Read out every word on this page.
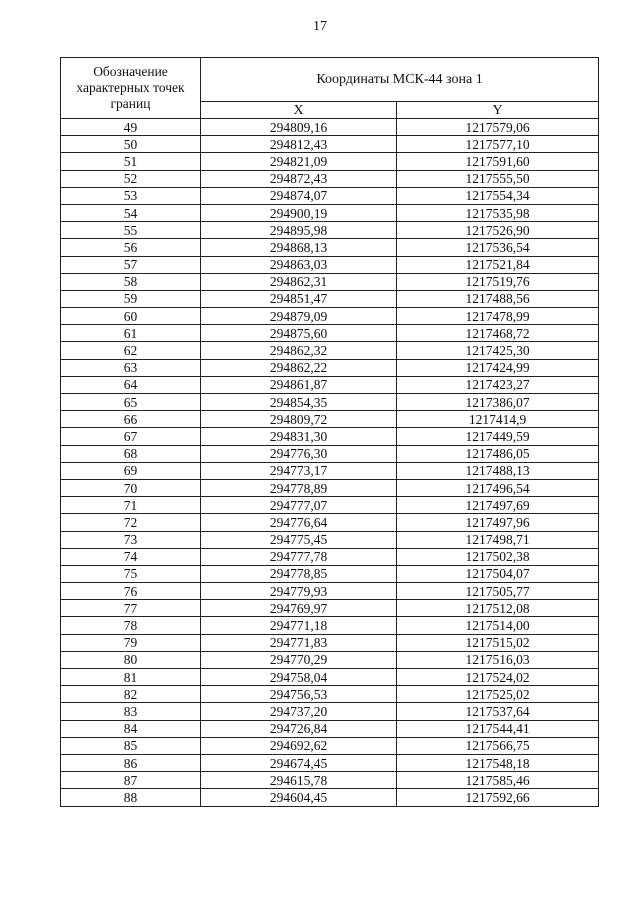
17
Обозначение характерных точек границ	Координаты МСК-44 зона 1	
	X	Y
49	294809,16	1217579,06
50	294812,43	1217577,10
51	294821,09	1217591,60
52	294872,43	1217555,50
53	294874,07	1217554,34
54	294900,19	1217535,98
55	294895,98	1217526,90
56	294868,13	1217536,54
57	294863,03	1217521,84
58	294862,31	1217519,76
59	294851,47	1217488,56
60	294879,09	1217478,99
61	294875,60	1217468,72
62	294862,32	1217425,30
63	294862,22	1217424,99
64	294861,87	1217423,27
65	294854,35	1217386,07
66	294809,72	1217414,9
67	294831,30	1217449,59
68	294776,30	1217486,05
69	294773,17	1217488,13
70	294778,89	1217496,54
71	294777,07	1217497,69
72	294776,64	1217497,96
73	294775,45	1217498,71
74	294777,78	1217502,38
75	294778,85	1217504,07
76	294779,93	1217505,77
77	294769,97	1217512,08
78	294771,18	1217514,00
79	294771,83	1217515,02
80	294770,29	1217516,03
81	294758,04	1217524,02
82	294756,53	1217525,02
83	294737,20	1217537,64
84	294726,84	1217544,41
85	294692,62	1217566,75
86	294674,45	1217548,18
87	294615,78	1217585,46
88	294604,45	1217592,66
